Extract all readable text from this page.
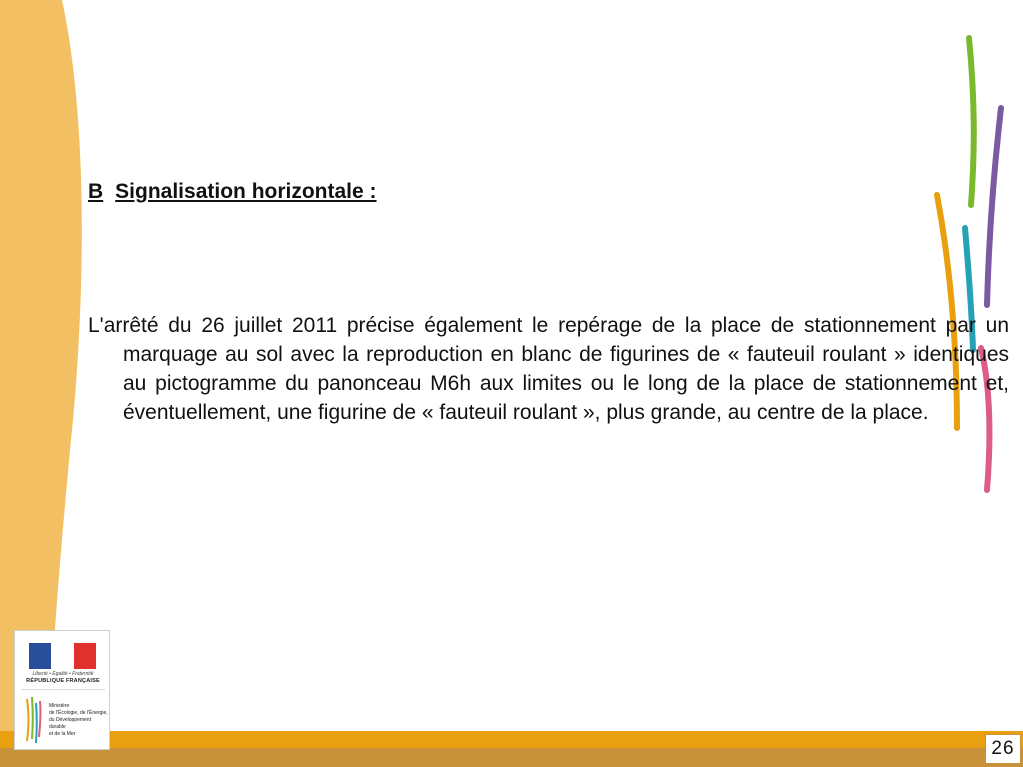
B Signalisation horizontale :
L'arrêté du 26 juillet 2011 précise également le repérage de la place de stationnement par un marquage au sol avec la reproduction en blanc de figurines de « fauteuil roulant » identiques au pictogramme du panonceau M6h aux limites ou le long de la place de stationnement et, éventuellement, une figurine de « fauteuil roulant », plus grande, au centre de la place.
26
Liberté • Égalité • Fraternité
RÉPUBLIQUE FRANÇAISE
Ministère
de l'Écologie, de l'Énergie,
du Développement
durable
et de la Mer
